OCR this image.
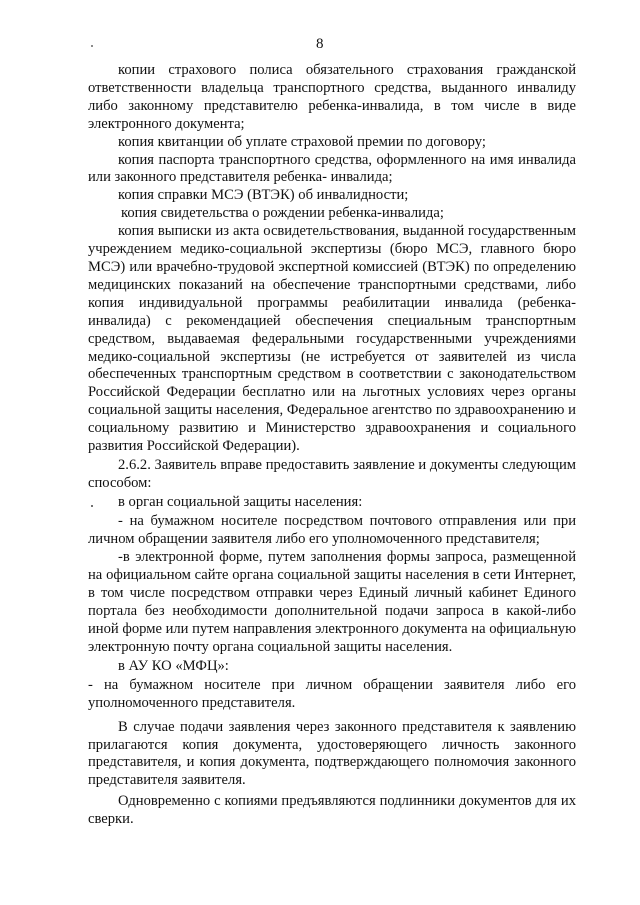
8

копии страхового полиса обязательного страхования гражданской ответственности владельца транспортного средства, выданного инвалиду либо законному представителю ребенка-инвалида, в том числе в виде электронного документа;

копия квитанции об уплате страховой премии по договору;

копия паспорта транспортного средства, оформленного на имя инвалида или законного представителя ребенка- инвалида;

копия справки МСЭ (ВТЭК) об инвалидности;

копия свидетельства о рождении ребенка-инвалида;

копия выписки из акта освидетельствования, выданной государственным учреждением медико-социальной экспертизы (бюро МСЭ, главного бюро МСЭ) или врачебно-трудовой экспертной комиссией (ВТЭК) по определению медицинских показаний на обеспечение транспортными средствами, либо копия индивидуальной программы реабилитации инвалида (ребенка-инвалида) с рекомендацией обеспечения специальным транспортным средством, выдаваемая федеральными государственными учреждениями медико-социальной экспертизы (не истребуется от заявителей из числа обеспеченных транспортным средством в соответствии с законодательством Российской Федерации бесплатно или на льготных условиях через органы социальной защиты населения, Федеральное агентство по здравоохранению и социальному развитию и Министерство здравоохранения и социального развития Российской Федерации).

2.6.2. Заявитель вправе предоставить заявление и документы следующим способом:

в орган социальной защиты населения:

- на бумажном носителе посредством почтового отправления или при личном обращении заявителя либо его уполномоченного представителя;

-в электронной форме, путем заполнения формы запроса, размещенной на официальном сайте органа социальной защиты населения в сети Интернет, в том числе посредством отправки через Единый личный кабинет Единого портала без необходимости дополнительной подачи запроса в какой-либо иной форме или путем направления электронного документа на официальную электронную почту органа социальной защиты населения.

в АУ КО «МФЦ»:

- на бумажном носителе при личном обращении заявителя либо его уполномоченного представителя.

В случае подачи заявления через законного представителя к заявлению прилагаются копия документа, удостоверяющего личность законного представителя, и копия документа, подтверждающего полномочия законного представителя заявителя.

Одновременно с копиями предъявляются подлинники документов для их сверки.
